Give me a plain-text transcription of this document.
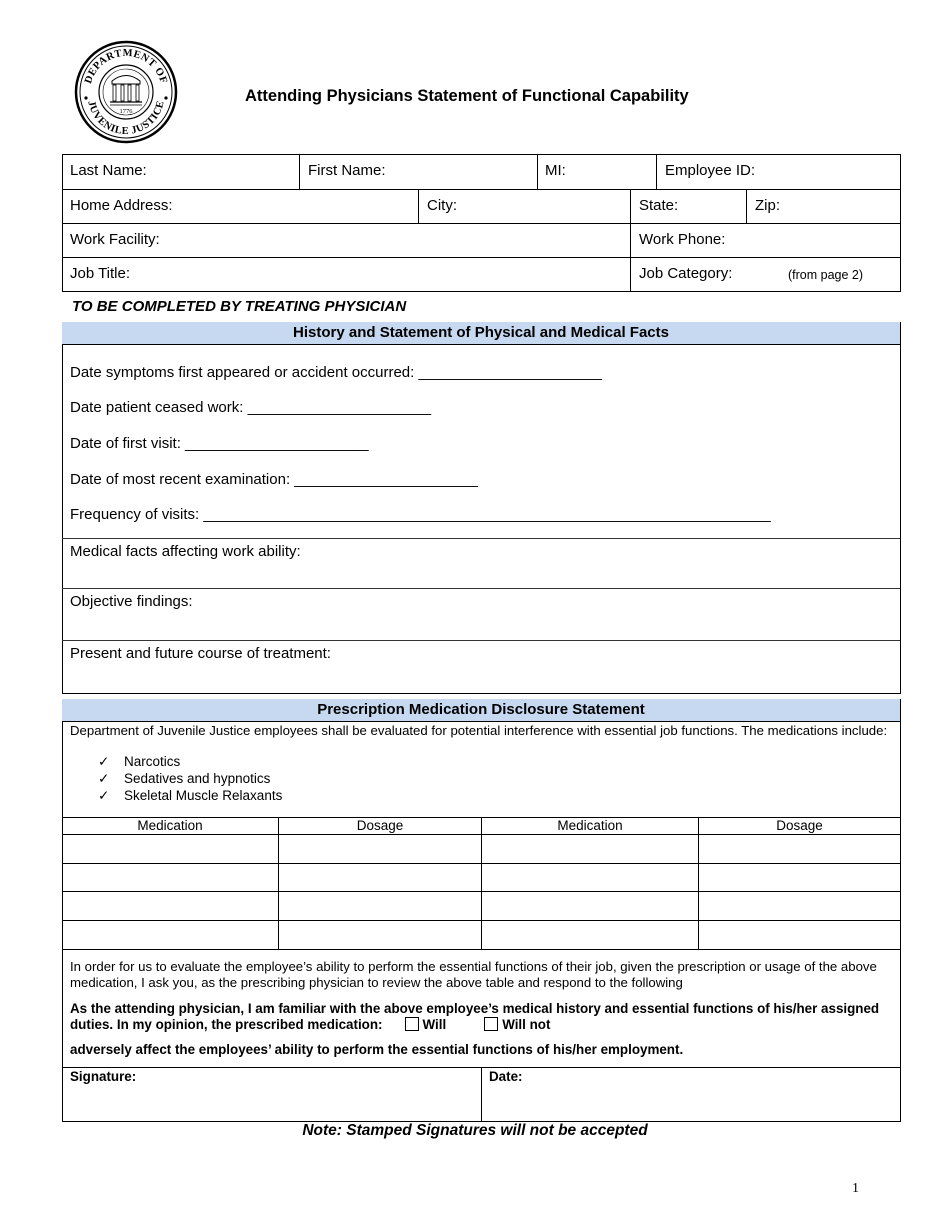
DEPARTMENT OF
JUVENILE JUSTICE
1776
Attending Physicians Statement of Functional Capability
Last Name:	First Name:	MI:	Employee ID:
Home Address:	City:	State:	Zip:
Work Facility:	Work Phone:
Job Title:	Job Category:	(from page 2)
TO BE COMPLETED BY TREATING PHYSICIAN
History and Statement of Physical and Medical Facts
Date symptoms first appeared or accident occurred: ______________________
Date patient ceased work: ______________________
Date of first visit: ______________________
Date of most recent examination: ______________________
Frequency of visits: ____________________________________________________________________
Medical facts affecting work ability:
Objective findings:
Present and future course of treatment:
Prescription Medication Disclosure Statement
Department of Juvenile Justice employees shall be evaluated for potential interference with essential job functions. The medications include:
✓ Narcotics
✓ Sedatives and hypnotics
✓ Skeletal Muscle Relaxants
Medication	Dosage	Medication	Dosage
In order for us to evaluate the employee’s ability to perform the essential functions of their job, given the prescription or usage of the above medication, I ask you, as the prescribing physician to review the above table and respond to the following
As the attending physician, I am familiar with the above employee’s medical history and essential functions of his/her assigned duties. In my opinion, the prescribed medication:	Will	Will not
adversely affect the employees’ ability to perform the essential functions of his/her employment.
Signature:	Date:
Note: Stamped Signatures will not be accepted
1
